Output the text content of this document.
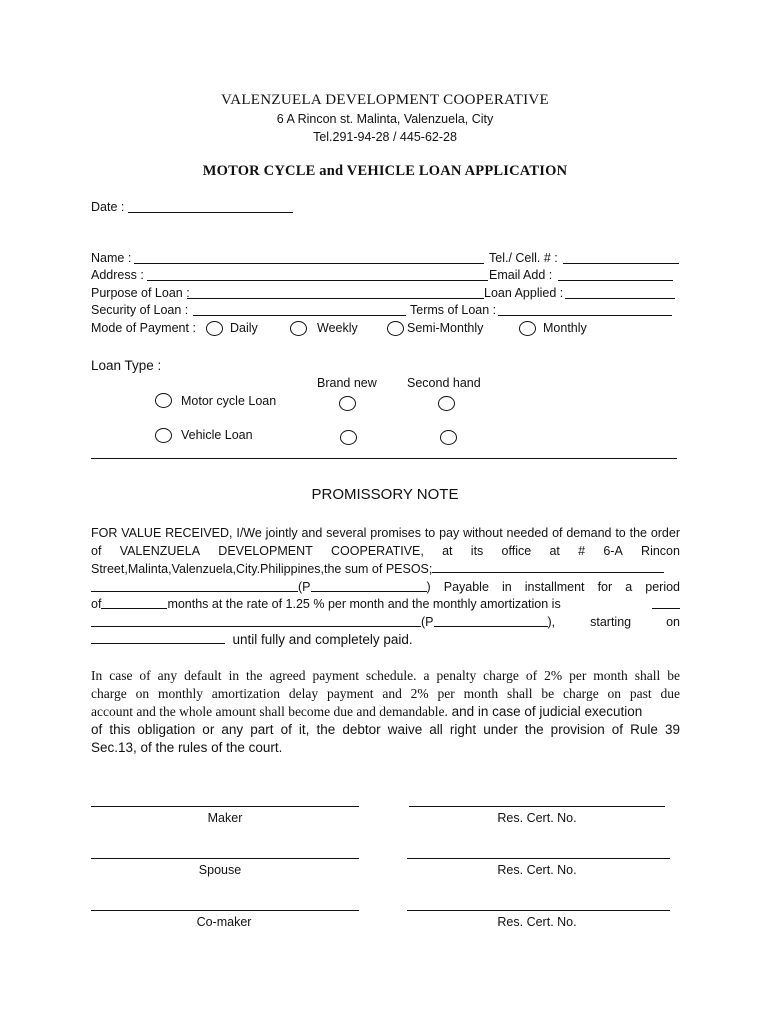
VALENZUELA DEVELOPMENT COOPERATIVE
6 A Rincon st. Malinta, Valenzuela, City
Tel.291-94-28 / 445-62-28
MOTOR CYCLE and VEHICLE LOAN APPLICATION
Date :
Name :	Tel./ Cell. # :
Address :	Email Add :
Purpose of Loan :	Loan Applied :
Security of Loan :	Terms of Loan :
Mode of Payment :	Daily	Weekly	Semi-Monthly	Monthly
Loan Type :
Brand new Second hand
Motor cycle Loan
Vehicle Loan
PROMISSORY NOTE
FOR VALUE RECEIVED, I/We jointly and several promises to pay without needed of demand to the order
of VALENZUELA DEVELOPMENT COOPERATIVE, at its office at # 6-A Rincon
Street,Malinta,Valenzuela,City.Philippines,the sum of PESOS;
(P	) Payable in installment for a period
of	months at the rate of 1.25 % per month and the monthly amortization is
(P	),	starting	on
until fully and completely paid.
In case of any default in the agreed payment schedule. a penalty charge of 2% per month shall be
charge on monthly amortization delay payment and 2% per month shall be charge on past due
account and the whole amount shall become due and demandable. and in case of judicial execution
of this obligation or any part of it, the debtor waive all right under the provision of Rule 39
Sec.13, of the rules of the court.
Maker	Res. Cert. No.
Spouse	Res. Cert. No.
Co-maker	Res. Cert. No.
